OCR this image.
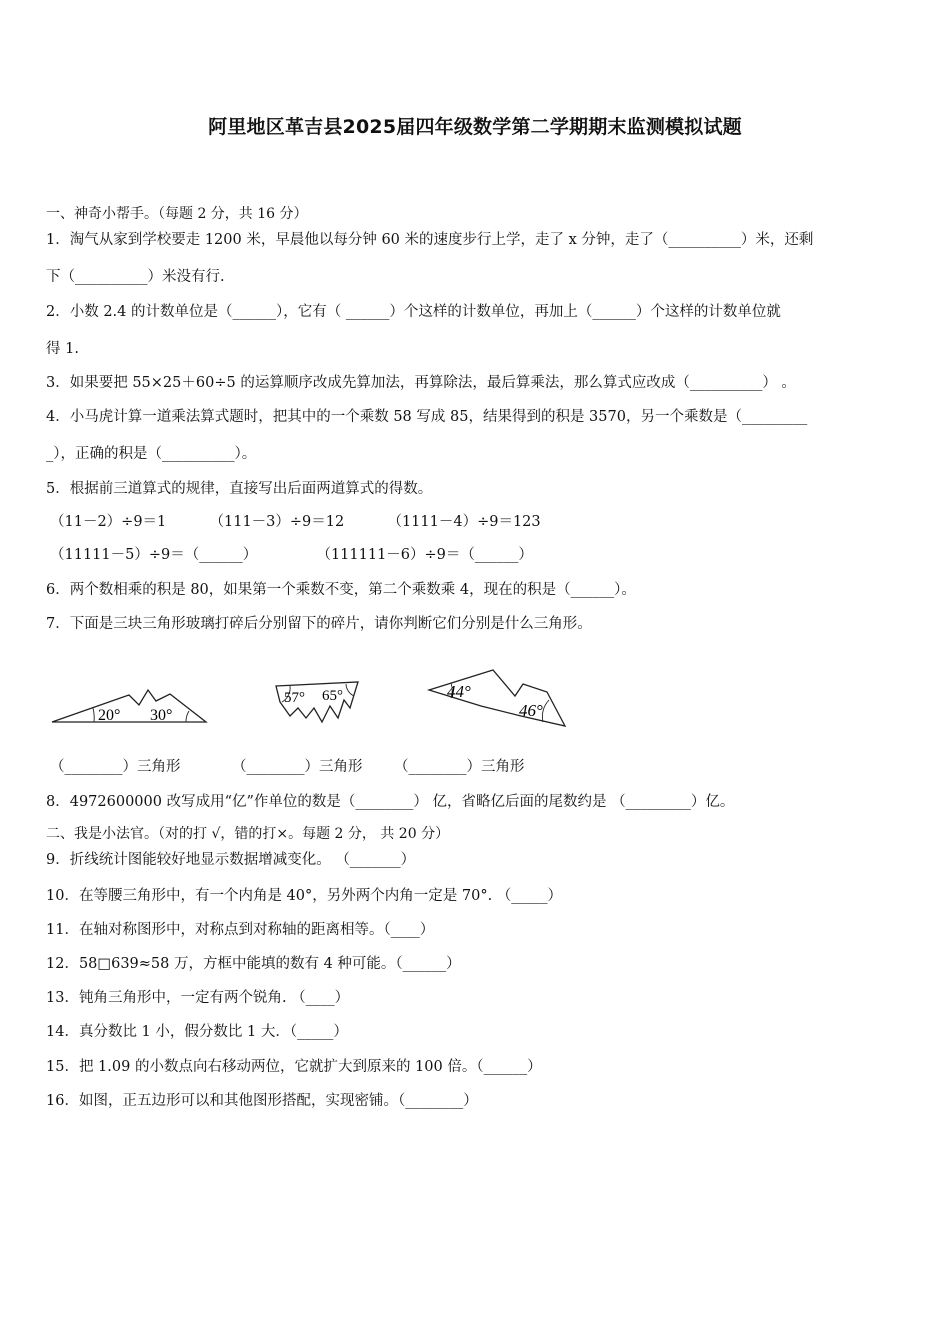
阿里地区革吉县2025届四年级数学第二学期期末监测模拟试题
一、神奇小帮手。（每题 2 分，共 16 分）
1．淘气从家到学校要走 1200 米，早晨他以每分钟 60 米的速度步行上学，走了 x 分钟，走了（__________）米，还剩
下（__________）米没有行.
2．小数 2.4 的计数单位是（______），它有（ ______）个这样的计数单位，再加上（______）个这样的计数单位就
得 1.
3．如果要把 55×25＋60÷5 的运算顺序改成先算加法，再算除法，最后算乘法，那么算式应改成（__________） 。
4．小马虎计算一道乘法算式题时，把其中的一个乘数 58 写成 85，结果得到的积是 3570，另一个乘数是（_________
_），正确的积是（__________）。
5．根据前三道算式的规律，直接写出后面两道算式的得数。
（11－2）÷9＝1	（111－3）÷9＝12	（1111－4）÷9＝123
（11111－5）÷9＝（______）	（111111－6）÷9＝（______）
6．两个数相乘的积是 80，如果第一个乘数不变，第二个乘数乘 4，现在的积是（______）。
7．下面是三块三角形玻璃打碎后分别留下的碎片，请你判断它们分别是什么三角形。
20° 30°
57° 65°	44°
46°
（________）三角形	（________）三角形 （________）三角形
8．4972600000 改写成用“亿”作单位的数是（________） 亿，省略亿后面的尾数约是 （_________）亿。
二、我是小法官。（对的打 √，错的打×。每题 2 分， 共 20 分）
9．折线统计图能较好地显示数据增减变化。 （_______）
10．在等腰三角形中，有一个内角是 40°，另外两个内角一定是 70°. （_____）
11．在轴对称图形中，对称点到对称轴的距离相等。（____）
12．58□639≈58 万，方框中能填的数有 4 种可能。（______）
13．钝角三角形中，一定有两个锐角. （____）
14．真分数比 1 小，假分数比 1 大．（_____）
15．把 1.09 的小数点向右移动两位，它就扩大到原来的 100 倍。（______）
16．如图，正五边形可以和其他图形搭配，实现密铺。（________）
